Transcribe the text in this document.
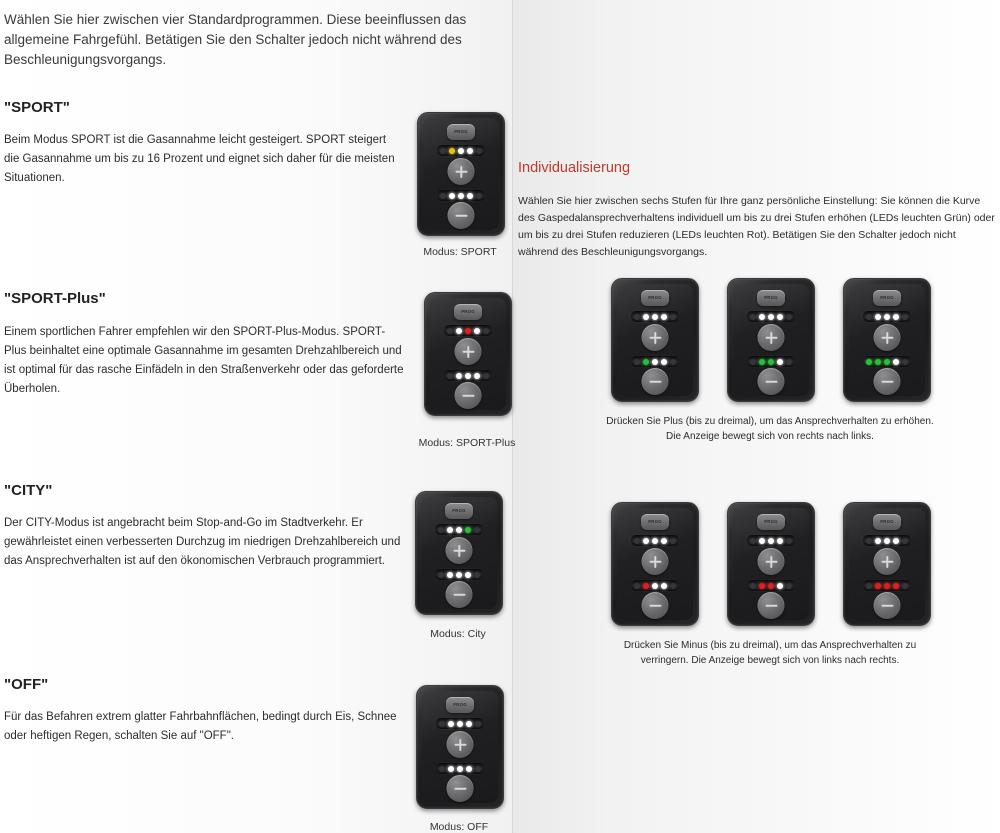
Wählen Sie hier zwischen vier Standardprogrammen. Diese beeinflussen das allgemeine Fahrgefühl. Betätigen Sie den Schalter jedoch nicht während des Beschleunigungsvorgangs.
"SPORT"

Beim Modus SPORT ist die Gasannahme leicht gesteigert. SPORT steigert die Gasannahme um bis zu 16 Prozent und eignet sich daher für die meisten Situationen.

PROG
Modus: SPORT
"SPORT-Plus"

Einem sportlichen Fahrer empfehlen wir den SPORT-Plus-Modus. SPORT-Plus beinhaltet eine optimale Gasannahme im gesamten Drehzahlbereich und ist optimal für das rasche Einfädeln in den Straßenverkehr oder das geforderte Überholen.

PROG
Modus: SPORT-Plus
"CITY"

Der CITY-Modus ist angebracht beim Stop-and-Go im Stadtverkehr. Er gewährleistet einen verbesserten Durchzug im niedrigen Drehzahlbereich und das Ansprechverhalten ist auf den ökonomischen Verbrauch programmiert.

PROG
Modus: City
"OFF"

Für das Befahren extrem glatter Fahrbahnflächen, bedingt durch Eis, Schnee oder heftigen Regen, schalten Sie auf "OFF".

PROG
Modus: OFF
Individualisierung
Wählen Sie hier zwischen sechs Stufen für Ihre ganz persönliche Einstellung: Sie können die Kurve des Gaspedalansprechverhaltens individuell um bis zu drei Stufen erhöhen (LEDs leuchten Grün) oder um bis zu drei Stufen reduzieren (LEDs leuchten Rot). Betätigen Sie den Schalter jedoch nicht während des Beschleunigungsvorgangs.
PROG	PROG	PROG
Drücken Sie Plus (bis zu dreimal), um das Ansprechverhalten zu erhöhen. Die Anzeige bewegt sich von rechts nach links.
PROG	PROG	PROG
Drücken Sie Minus (bis zu dreimal), um das Ansprechverhalten zu verringern. Die Anzeige bewegt sich von links nach rechts.
